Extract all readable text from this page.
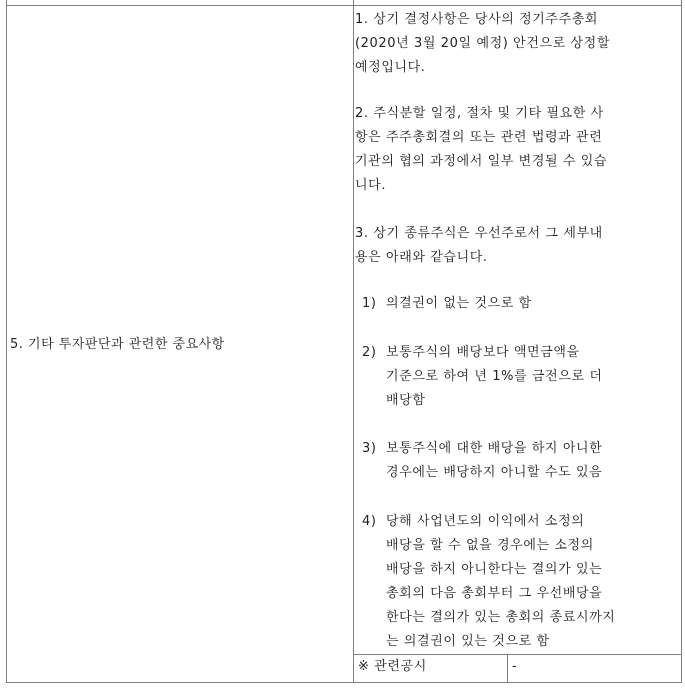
5. 기타 투자판단과 관련한 중요사항
1. 상기 결정사항은 당사의 정기주주총회
(2020년 3월 20일 예정) 안건으로 상정할
예정입니다.
2. 주식분할 일정, 절차 및 기타 필요한 사
항은 주주총회결의 또는 관련 법령과 관련
기관의 협의 과정에서 일부 변경될 수 있습
니다.
3. 상기 종류주식은 우선주로서 그 세부내
용은 아래와 같습니다.
1) 의결권이 없는 것으로 함
2) 보통주식의 배당보다 액면금액을
기준으로 하여 년 1%를 금전으로 더
배당함
3) 보통주식에 대한 배당을 하지 아니한
경우에는 배당하지 아니할 수도 있음
4) 당해 사업년도의 이익에서 소정의
배당을 할 수 없을 경우에는 소정의
배당을 하지 아니한다는 결의가 있는
총회의 다음 총회부터 그 우선배당을
한다는 결의가 있는 총회의 종료시까지
는 의결권이 있는 것으로 함
※ 관련공시	-
